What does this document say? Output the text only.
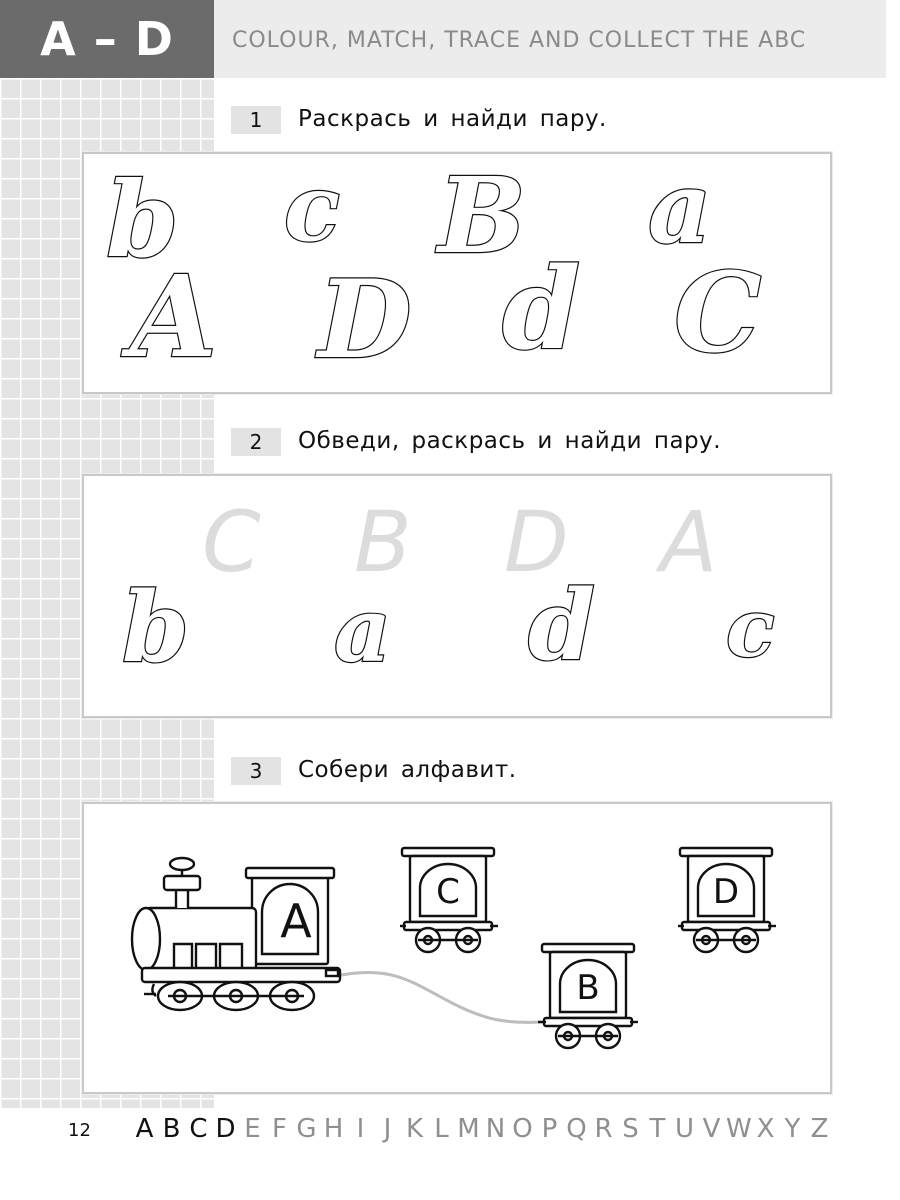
A – D	COLOUR, MATCH, TRACE AND COLLECT THE ABC
1	Раскрась и найди пару.
b c B a
A D d C
2	Обведи, раскрась и найди пару.
C B D A
b a d c
3	Собери алфавит.
A
C
B
D
12 A B C D E F G H I J K L M N O P Q R S T U V W X Y Z
